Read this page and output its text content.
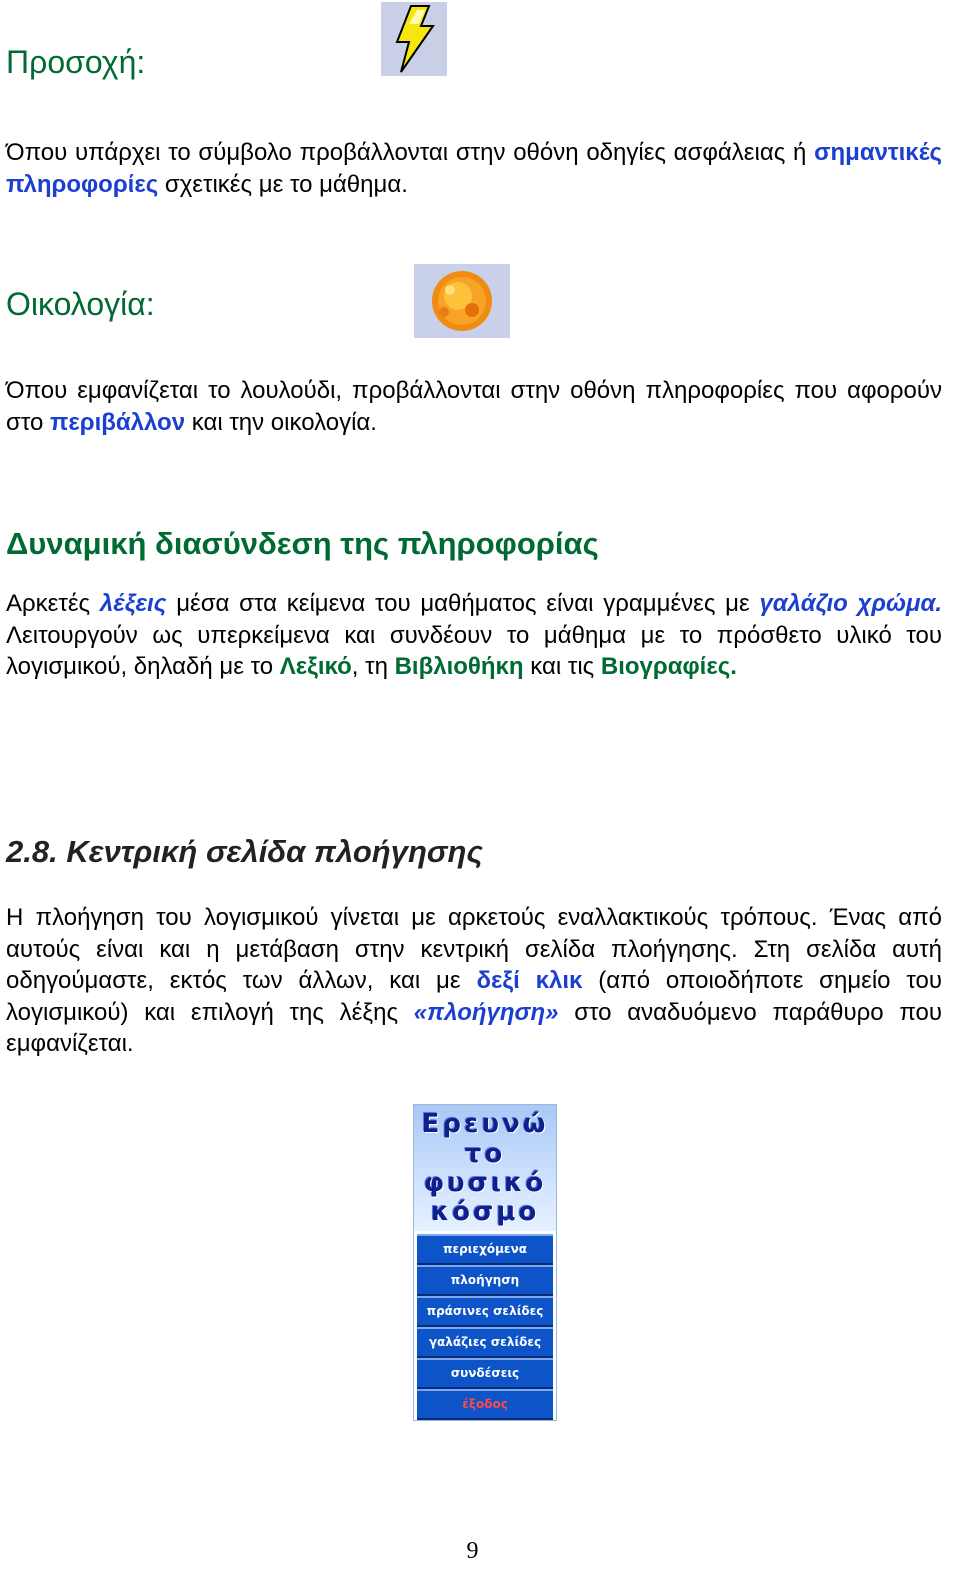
Προσοχή:
Όπου υπάρχει το σύμβολο προβάλλονται στην οθόνη οδηγίες ασφάλειας ή σημαντικές πληροφορίες σχετικές με το μάθημα.
Οικολογία:
Όπου εμφανίζεται το λουλούδι, προβάλλονται στην οθόνη πληροφορίες που αφορούν στο περιβάλλον και την οικολογία.
Δυναμική διασύνδεση της πληροφορίας
Αρκετές λέξεις μέσα στα κείμενα του μαθήματος είναι γραμμένες με γαλάζιο χρώμα. Λειτουργούν ως υπερκείμενα και συνδέουν το μάθημα με το πρόσθετο υλικό του λογισμικού, δηλαδή με το Λεξικό, τη Βιβλιοθήκη και τις Βιογραφίες.
2.8. Κεντρική σελίδα πλοήγησης
Η πλοήγηση του λογισμικού γίνεται με αρκετούς εναλλακτικούς τρόπους. Ένας από αυτούς είναι και η μετάβαση στην κεντρική σελίδα πλοήγησης. Στη σελίδα αυτή οδηγούμαστε, εκτός των άλλων, και με δεξί κλικ (από οποιοδήποτε σημείο του λογισμικού) και επιλογή της λέξης «πλοήγηση» στο αναδυόμενο παράθυρο που εμφανίζεται.
Ερευνώ
το
φυσικό
κόσμο
περιεχόμενα
πλοήγηση
πράσινες σελίδες
γαλάζιες σελίδες
συνδέσεις
έξοδος
9
